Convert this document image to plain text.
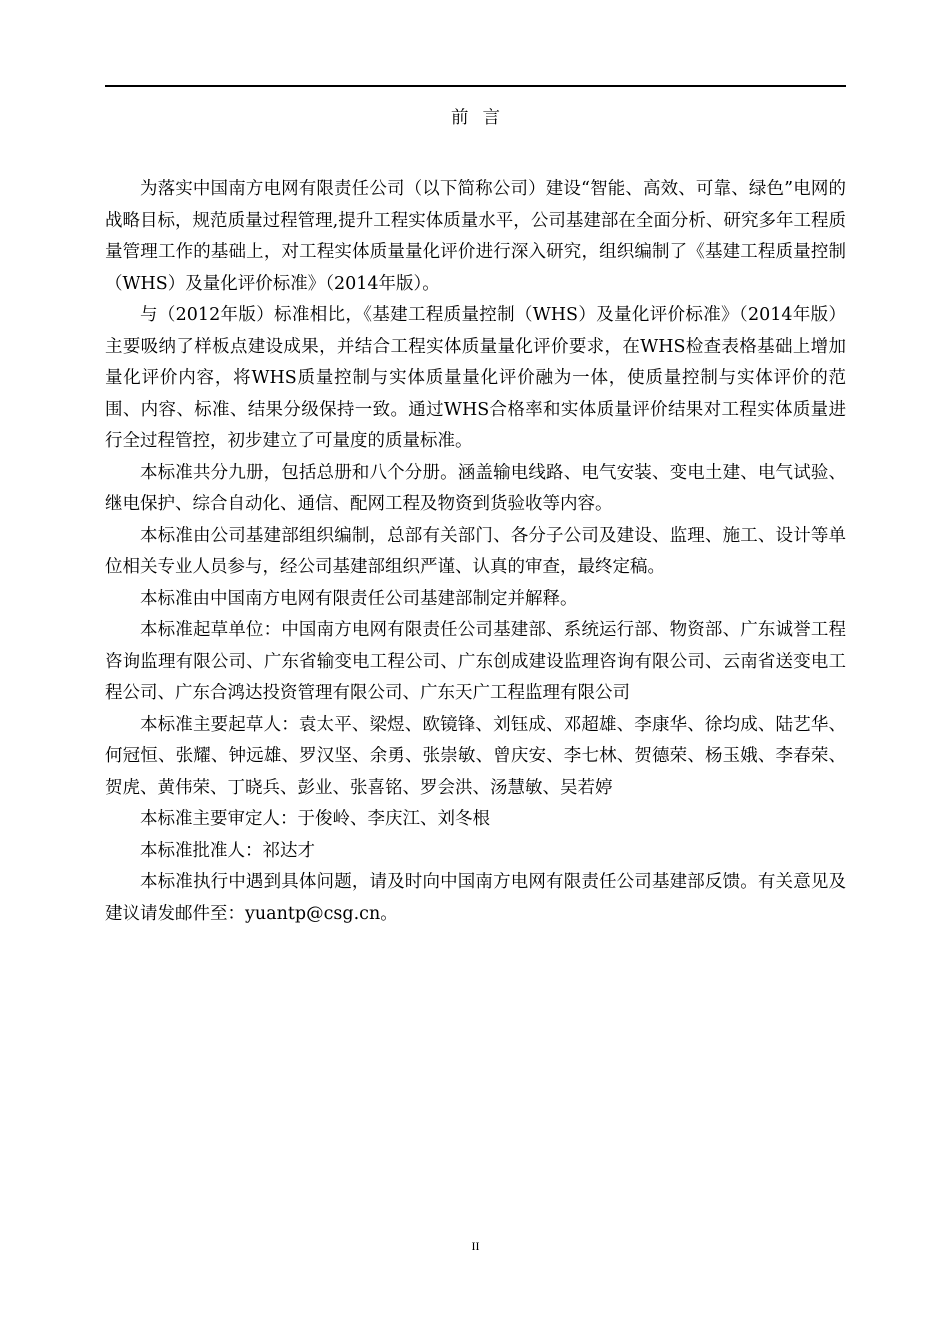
前言

为落实中国南方电网有限责任公司（以下简称公司）建设“智能、高效、可靠、绿色”电网的战略目标，规范质量过程管理,提升工程实体质量水平，公司基建部在全面分析、研究多年工程质量管理工作的基础上，对工程实体质量量化评价进行深入研究，组织编制了《基建工程质量控制（WHS）及量化评价标准》（2014年版）。

与（2012年版）标准相比，《基建工程质量控制（WHS）及量化评价标准》（2014年版）主要吸纳了样板点建设成果，并结合工程实体质量量化评价要求，在WHS检查表格基础上增加量化评价内容，将WHS质量控制与实体质量量化评价融为一体，使质量控制与实体评价的范围、内容、标准、结果分级保持一致。通过WHS合格率和实体质量评价结果对工程实体质量进行全过程管控，初步建立了可量度的质量标准。

本标准共分九册，包括总册和八个分册。涵盖输电线路、电气安装、变电土建、电气试验、继电保护、综合自动化、通信、配网工程及物资到货验收等内容。

本标准由公司基建部组织编制，总部有关部门、各分子公司及建设、监理、施工、设计等单位相关专业人员参与，经公司基建部组织严谨、认真的审查，最终定稿。

本标准由中国南方电网有限责任公司基建部制定并解释。

本标准起草单位：中国南方电网有限责任公司基建部、系统运行部、物资部、广东诚誉工程咨询监理有限公司、广东省输变电工程公司、广东创成建设监理咨询有限公司、云南省送变电工程公司、广东合鸿达投资管理有限公司、广东天广工程监理有限公司

本标准主要起草人：袁太平、梁煜、欧镜锋、刘钰成、邓超雄、李康华、徐均成、陆艺华、何冠恒、张耀、钟远雄、罗汉坚、余勇、张崇敏、曾庆安、李七林、贺德荣、杨玉娥、李春荣、贺虎、黄伟荣、丁晓兵、彭业、张喜铭、罗会洪、汤慧敏、吴若婷

本标准主要审定人：于俊岭、李庆江、刘冬根

本标准批准人：祁达才

本标准执行中遇到具体问题，请及时向中国南方电网有限责任公司基建部反馈。有关意见及建议请发邮件至：yuantp@csg.cn。

II
